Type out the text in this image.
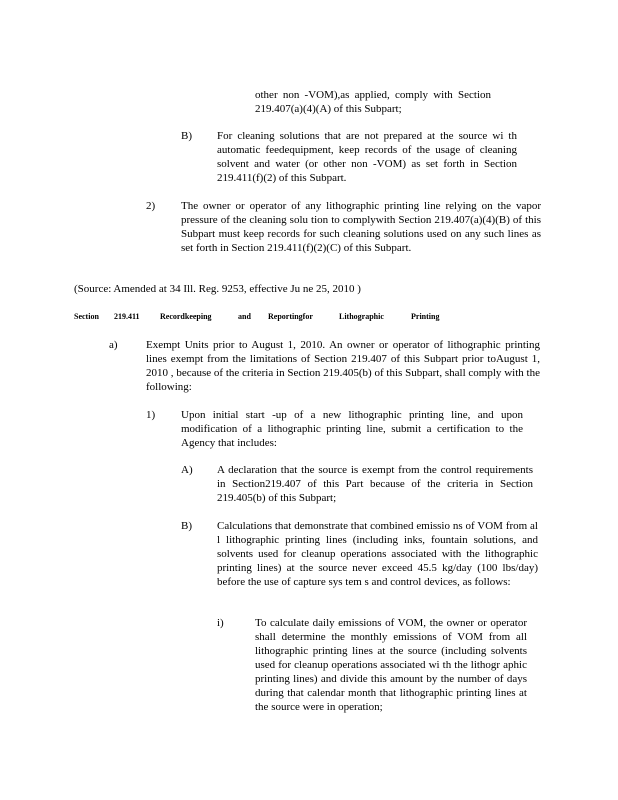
other non -VOM),as applied, comply with Section 219.407(a)(4)(A) of this Subpart;

B) For cleaning solutions that are not prepared at the source wi th automatic feedequipment, keep records of the usage of cleaning solvent and water (or other non -VOM) as set forth in Section 219.411(f)(2) of this Subpart.

2) The owner or operator of any lithographic printing line relying on the vapor pressure of the cleaning solu tion to complywith Section 219.407(a)(4)(B) of this Subpart must keep records for such cleaning solutions used on any such lines as set forth in Section 219.411(f)(2)(C) of this Subpart.

(Source: Amended at 34 Ill. Reg. 9253, effective Ju ne 25, 2010 )

Section 219.411	Recordkeeping	and Reportingfor	Lithographic	Printing
a)	Exempt Units prior to August 1, 2010. An owner or operator of lithographic printing lines exempt from the limitations of Section 219.407 of this Subpart prior toAugust 1, 2010 , because of the criteria in Section 219.405(b) of this Subpart, shall comply with the following:

1) Upon initial start -up of a new lithographic printing line, and upon modification of a lithographic printing line, submit a certification to the Agency that includes:

A) A declaration that the source is exempt from the control requirements in Section219.407 of this Part because of the criteria in Section 219.405(b) of this Subpart;

B) Calculations that demonstrate that combined emissio ns of VOM from al l lithographic printing lines (including inks, fountain solutions, and solvents used for cleanup operations associated with the lithographic printing lines) at the source never exceed 45.5 kg/day (100 lbs/day) before the use of capture sys tem s and control devices, as follows:

i)	To calculate daily emissions of VOM, the owner or operator shall determine the monthly emissions of VOM from all lithographic printing lines at the source (including solvents used for cleanup operations associated wi th the lithogr aphic printing lines) and divide this amount by the number of days during that calendar month that lithographic printing lines at the source were in operation;
